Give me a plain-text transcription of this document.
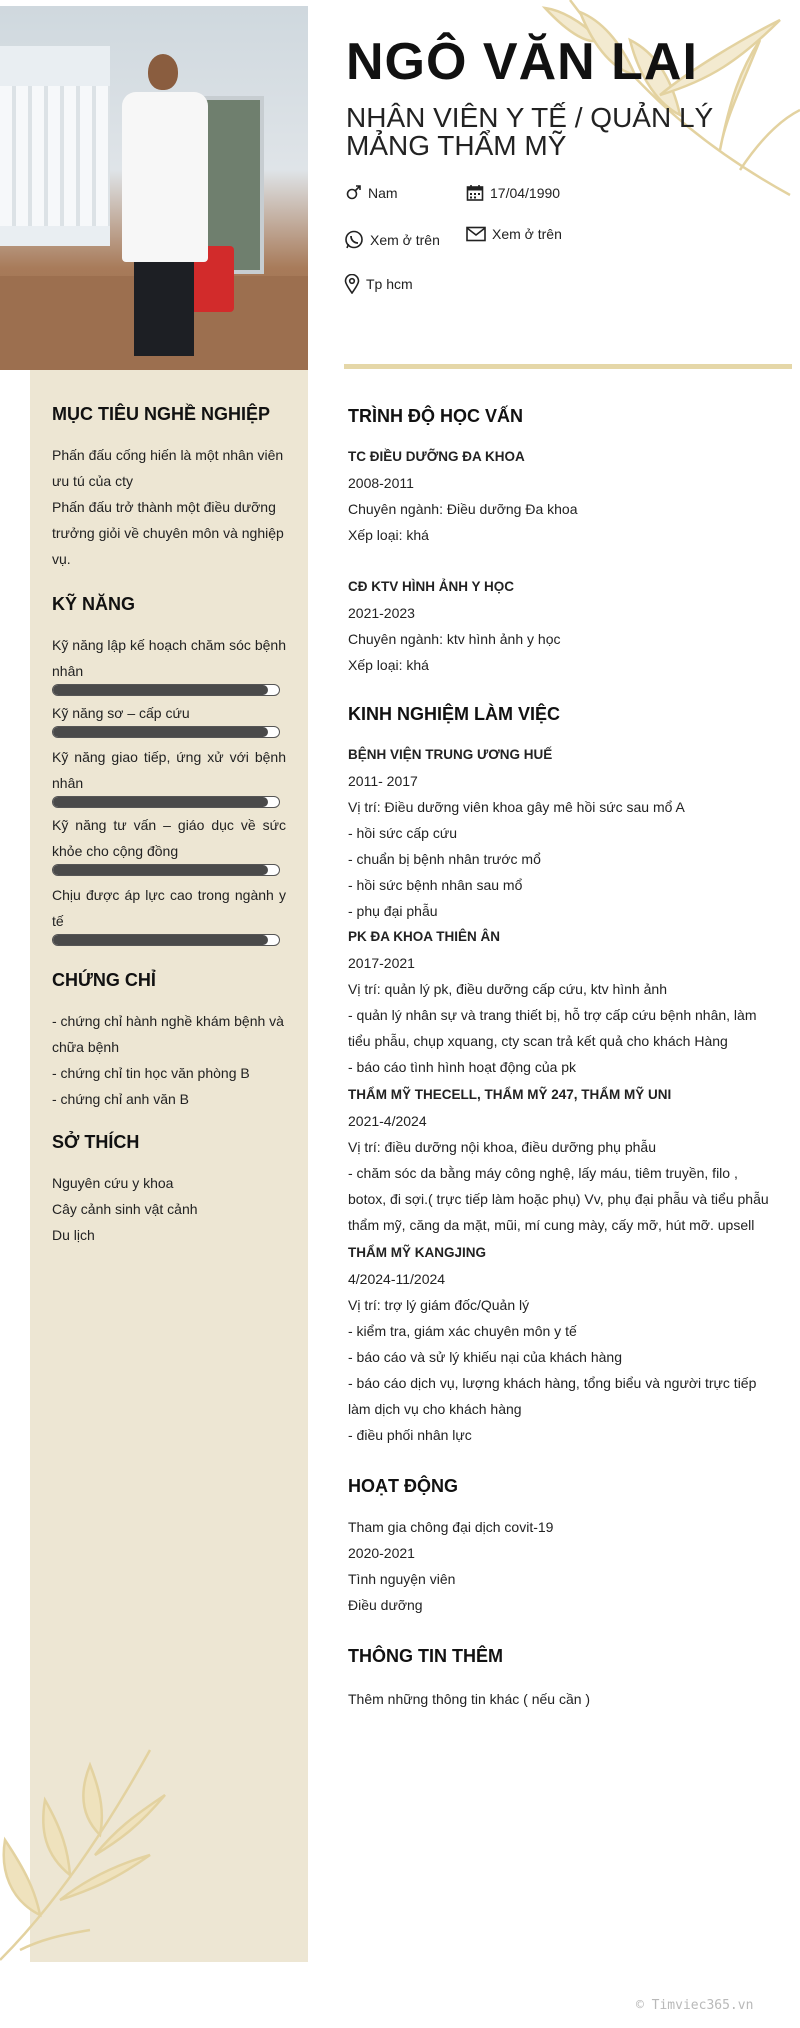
NGÔ VĂN LAI
NHÂN VIÊN Y TẾ / QUẢN LÝ MẢNG THẨM MỸ
Nam	17/04/1990
Xem ở trên	Xem ở trên
Tp hcm
MỤC TIÊU NGHỀ NGHIỆP
Phấn đấu cống hiến là một nhân viên
ưu tú của cty
Phấn đấu trở thành một điều dưỡng
trưởng giỏi về chuyên môn và nghiệp
vụ.
KỸ NĂNG
Kỹ năng lập kế hoạch chăm sóc bệnh nhân
Kỹ năng sơ – cấp cứu
Kỹ năng giao tiếp, ứng xử với bệnh nhân
Kỹ năng tư vấn – giáo dục về sức khỏe cho cộng đồng
Chịu được áp lực cao trong ngành y tế
CHỨNG CHỈ
- chứng chỉ hành nghề khám bệnh và
chữa bệnh
- chứng chỉ tin học văn phòng B
- chứng chỉ anh văn B
SỞ THÍCH
Nguyên cứu y khoa
Cây cảnh sinh vật cảnh
Du lịch
TRÌNH ĐỘ HỌC VẤN
TC ĐIỀU DƯỠNG ĐA KHOA
2008-2011
Chuyên ngành: Điều dưỡng Đa khoa
Xếp loại: khá
CĐ KTV HÌNH ẢNH Y HỌC
2021-2023
Chuyên ngành: ktv hình ảnh y học
Xếp loại: khá
KINH NGHIỆM LÀM VIỆC
BỆNH VIỆN TRUNG ƯƠNG HUẾ
2011- 2017
Vị trí: Điều dưỡng viên khoa gây mê hồi sức sau mổ A
- hồi sức cấp cứu
- chuẩn bị bệnh nhân trước mổ
- hồi sức bệnh nhân sau mổ
- phụ đại phẫu
PK ĐA KHOA THIÊN ÂN
2017-2021
Vị trí: quản lý pk, điều dưỡng cấp cứu, ktv hình ảnh
- quản lý nhân sự và trang thiết bị, hỗ trợ cấp cứu bệnh nhân, làm
tiểu phẫu, chụp xquang, cty scan trả kết quả cho khách Hàng
- báo cáo tình hình hoạt động của pk
THẨM MỸ THECELL, THẨM MỸ 247, THẨM MỸ UNI
2021-4/2024
Vị trí: điều dưỡng nội khoa, điều dưỡng phụ phẫu
- chăm sóc da bằng máy công nghệ, lấy máu, tiêm truyền, filo ,
botox, đi sợi.( trực tiếp làm hoặc phụ) Vv, phụ đại phẫu và tiểu phẫu
thẩm mỹ, căng da mặt, mũi, mí cung mày, cấy mỡ, hút mỡ. upsell
THẨM MỸ KANGJING
4/2024-11/2024
Vị trí: trợ lý giám đốc/Quản lý
- kiểm tra, giám xác chuyên môn y tế
- báo cáo và sử lý khiếu nại của khách hàng
- báo cáo dịch vụ, lượng khách hàng, tổng biểu và người trực tiếp
làm dịch vụ cho khách hàng
- điều phối nhân lực
HOẠT ĐỘNG
Tham gia chông đại dịch covit-19
2020-2021
Tình nguyện viên
Điều dưỡng
THÔNG TIN THÊM
Thêm những thông tin khác ( nếu cần )
© Timviec365.vn
